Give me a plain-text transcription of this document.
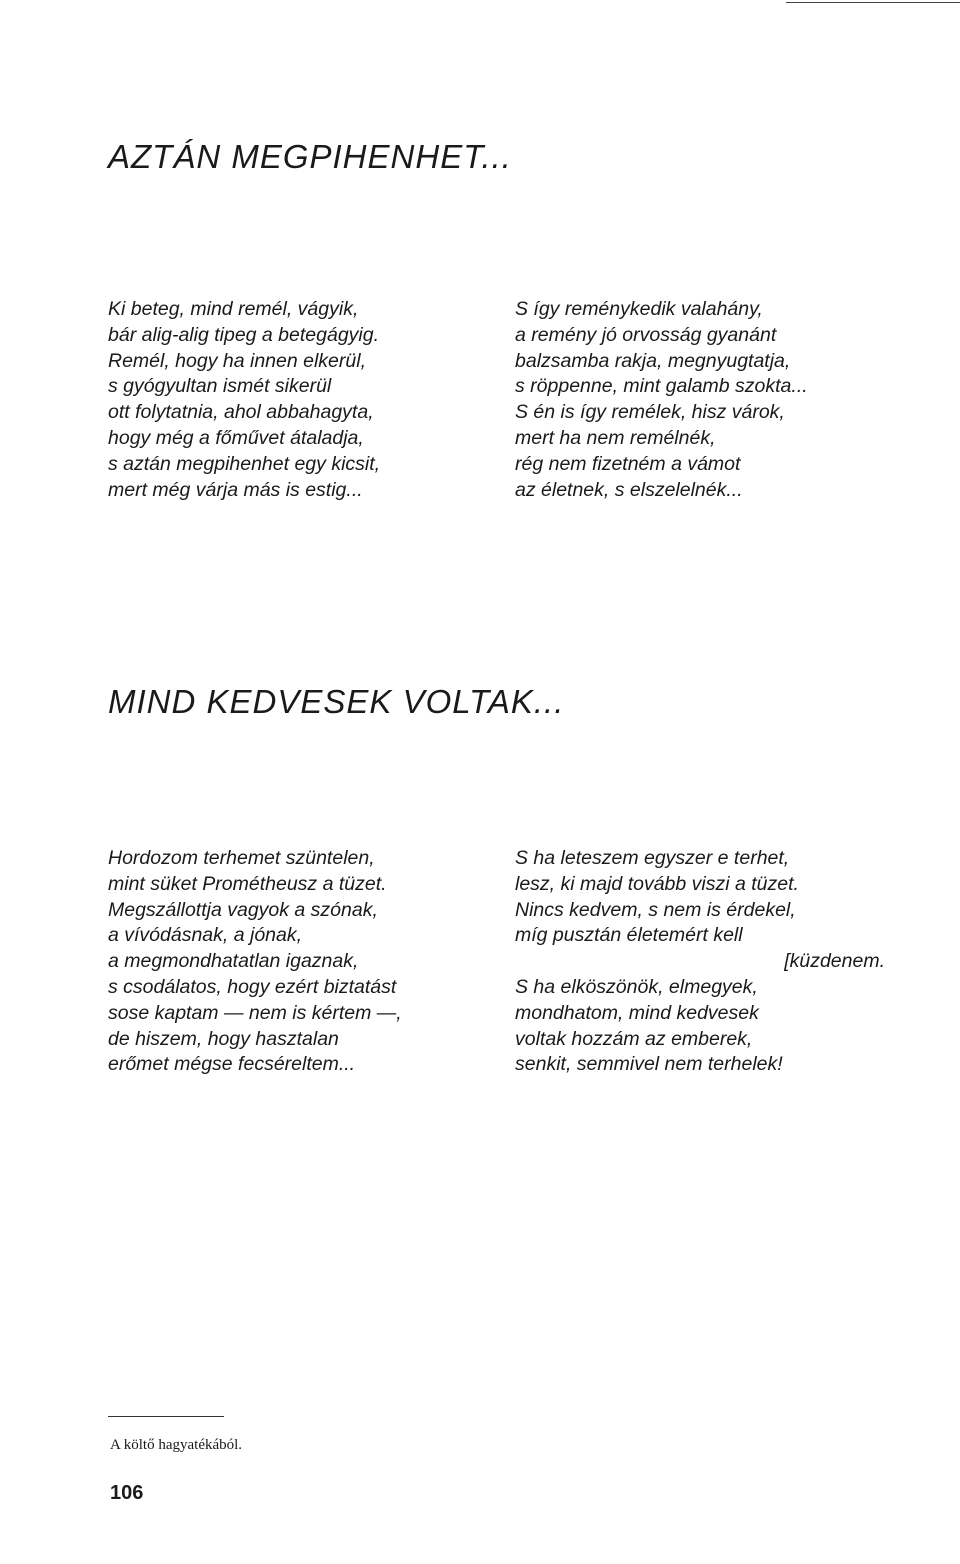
AZTÁN MEGPIHENHET...
Ki beteg, mind remél, vágyik,
bár alig-alig tipeg a betegágyig.
Remél, hogy ha innen elkerül,
s gyógyultan ismét sikerül
ott folytatnia, ahol abbahagyta,
hogy még a főművet átaladja,
s aztán megpihenhet egy kicsit,
mert még várja más is estig...
S így reménykedik valahány,
a remény jó orvosság gyanánt
balzsamba rakja, megnyugtatja,
s röppenne, mint galamb szokta...
S én is így remélek, hisz várok,
mert ha nem remélnék,
rég nem fizetném a vámot
az életnek, s elszelelnék...
MIND KEDVESEK VOLTAK...
Hordozom terhemet szüntelen,
mint süket Prométheusz a tüzet.
Megszállottja vagyok a szónak,
a vívódásnak, a jónak,
a megmondhatatlan igaznak,
s csodálatos, hogy ezért biztatást
sose kaptam — nem is kértem —,
de hiszem, hogy hasztalan
erőmet mégse fecséreltem...
S ha leteszem egyszer e terhet,
lesz, ki majd tovább viszi a tüzet.
Nincs kedvem, s nem is érdekel,
míg pusztán életemért kell
[küzdenem.
S ha elköszönök, elmegyek,
mondhatom, mind kedvesek
voltak hozzám az emberek,
senkit, semmivel nem terhelek!

A költő hagyatékából.

106
